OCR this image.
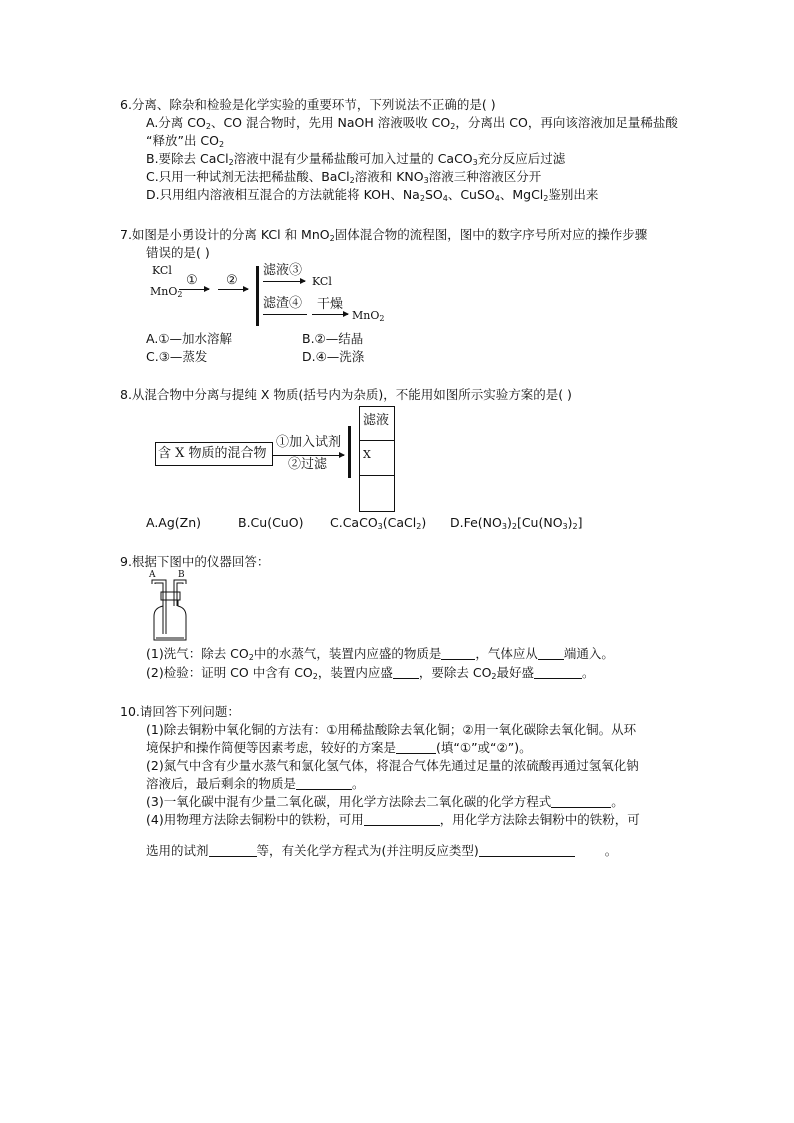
6.分离、除杂和检验是化学实验的重要环节，下列说法不正确的是( )
A.分离 $CO_2$、CO 混合物时，先用 NaOH 溶液吸收 $CO_2$，分离出 CO，再向该溶液加足量稀盐酸
“释放”出 $CO_2$
B.要除去 CaCl$_2$溶液中混有少量稀盐酸可加入过量的 CaCO$_3$充分反应后过滤
C.只用一种试剂无法把稀盐酸、BaCl$_2$溶液和 $KNO_3$溶液三种溶液区分开
D.只用组内溶液相互混合的方法就能将 KOH、$Na_2SO_4$、CuSO$_4$、MgCl$_2$鉴别出来
7.如图是小勇设计的分离 KCl 和 MnO$_2$固体混合物的流程图，图中的数字序号所对应的操作步骤
错误的是( )
KCl
MnO$_2$
① ②
滤液③
KCl
滤渣④ 干燥
MnO$_2$
A.①—加水溶解	B.②—结晶
C.③—蒸发	D.④—洗涤
8.从混合物中分离与提纯 X 物质(括号内为杂质)，不能用如图所示实验方案的是( )
含 X 物质的混合物
①加入试剂
②过滤
滤液
X
A.Ag(Zn)	B.Cu(CuO) C.CaCO$_3$(CaCl$_2$) $D.Fe(NO_3)_2[Cu(NO_3)_2]$
9.根据下图中的仪器回答：
A	B
(1)洗气：除去 $CO_2$中的水蒸气，装置内应盛的物质是	，气体应从 端通入。
(2)检验：证明 CO 中含有 $CO_2$，装置内应盛 ，要除去 $CO_2$最好盛	。
10.请回答下列问题：
(1)除去铜粉中氧化铜的方法有：①用稀盐酸除去氧化铜；②用一氧化碳除去氧化铜。从环
境保护和操作简便等因素考虑，较好的方案是	(填“①”或“②”)。
(2)氮气中含有少量水蒸气和氯化氢气体，将混合气体先通过足量的浓硫酸再通过氢氧化钠
溶液后，最后剩余的物质是	。
(3)一氧化碳中混有少量二氧化碳，用化学方法除去二氧化碳的化学方程式	。
(4)用物理方法除去铜粉中的铁粉，可用	，用化学方法除去铜粉中的铁粉，可
选用的试剂	等，有关化学方程式为(并注明反应类型)	。
